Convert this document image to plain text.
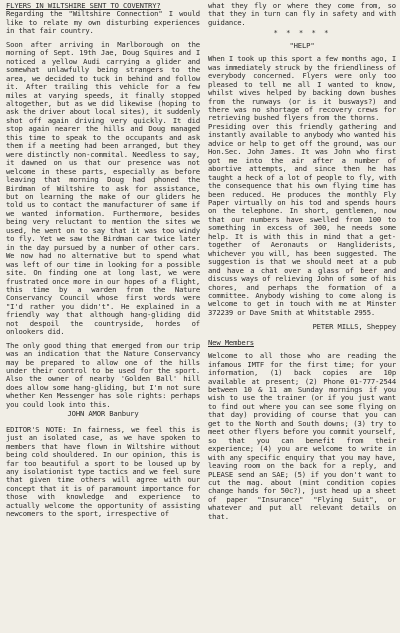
FLYERS IN WILTSHIRE SENT TO COVENTRY?

Regarding the "Wiltshire Connection" I would like to relate my own disturbing experiences in that fair country.

Soon after arriving in Marlborough on the morning of Sept. 19th Jae, Doug Squires and I noticed a yellow Audi carrying a glider and somewhat unlawfully being strangers to the area, we decided to tuck in behind and follow it. After trailing this vehicle for a few miles at varying speeds, it finally stopped altogether, but as we did likewise (hoping to ask the driver about local sites), it suddenly shot off again driving very quickly. It did stop again nearer the hills and Doug managed this time to speak to the occupants and ask them if a meeting had been arranged, but they were distinctly non-commital. Needless to say, it dawned on us that our presence was not welcome in these parts, especially as before leaving that morning Doug had phoned the Birdman of Wiltshire to ask for assistance, but on learning the make of our gliders he told us to contact the manufacturer of same if we wanted information. Furthermore, besides being very reluctant to mention the sites we used, he went on to say that it was too windy to fly. Yet we saw the Birdman car twice later in the day pursued by a number of other cars. We now had no alternative but to spend what was left of our time in looking for a possible site. On finding one at long last, we were frustrated once more in our hopes of a flight, this time by a warden from the Nature Conservancy Council whose first words were "I'd rather you didn't". He explained in a friendly way that although hang-gliding did not despoil the countryside, hordes of onlookers did.

The only good thing that emerged from our trip was an indication that the Nature Conservancy may be prepared to allow one of the hills under their control to be used for the sport. Also the owner of nearby 'Golden Ball' hill does allow some hang-gliding, but I'm not sure whether Ken Messenger has sole rights: perhaps you could look into this.

JOHN AMOR Banbury

EDITOR'S NOTE: In fairness, we feel this is just an isolated case, as we have spoken to members that have flown in Wiltshire without being cold shouldered. In our opinion, this is far too beautiful a sport to be loused up by any isolationist type tactics and we feel sure that given time others will agree with our concept that it is of paramount importance for those with knowledge and experience to actually welcome the opportunity of assisting newcomers to the sport, irrespective of

what they fly or where they come from, so that they in turn can fly in safety and with guidance.

* * * * *

"HELP"

When I took up this sport a few months ago, I was immediately struck by the friendliness of everybody concerned. Flyers were only too pleased to tell me all I wanted to know, whilst wives helped by backing down bushes from the runways (or is it busways?) and there was no shortage of recovery crews for retrieving bushed flyers from the thorns.

Presiding over this friendly gathering and instantly available to anybody who wanted his advice or help to get off the ground, was our Hon.Sec. John James. It was John who first got me into the air after a number of abortive attempts, and since then he has taught a heck of a lot of people to fly, with the consequence that his own flying time has been reduced. He produces the monthly Fly Paper virtually on his tod and spends hours on the telephone. In short, gentlemen, now that our numbers have swelled from 100 to something in excess of 300, he needs some help. It is with this in mind that a get-together of Aeronauts or Hangliderists, whichever you will, has been suggested. The suggestion is that we should meet at a pub and have a chat over a glass of beer and discuss ways of relieving John of some of his chores, and perhaps the formation of a committee. Anybody wishing to come along is welcome to get in touch with me at Minster 372239 or Dave Smith at Whitstable 2955.

PETER MILLS, Sheppey

New Members

Welcome to all those who are reading the infamous IMTF for the first time; for your information, (1) back copies are 10p available at present; (2) Phone 01-777-2544 between 10 & 11 am Sunday mornings if you wish to use the trainer (or if you just want to find out where you can see some flying on that day) providing of course that you can get to the North and South downs; (3) try to meet other flyers before you commit yourself, so that you can benefit from their experience; (4) you are welcome to write in with any specific enquiry that you may have, leaving room on the back for a reply, and PLEASE send an SAE; (5) if you don't want to cut the mag. about (mint condition copies change hands for 50c?), just head up a sheet of paper "Insurance" "Flying Suit", or whatever and put all relevant details on that.
